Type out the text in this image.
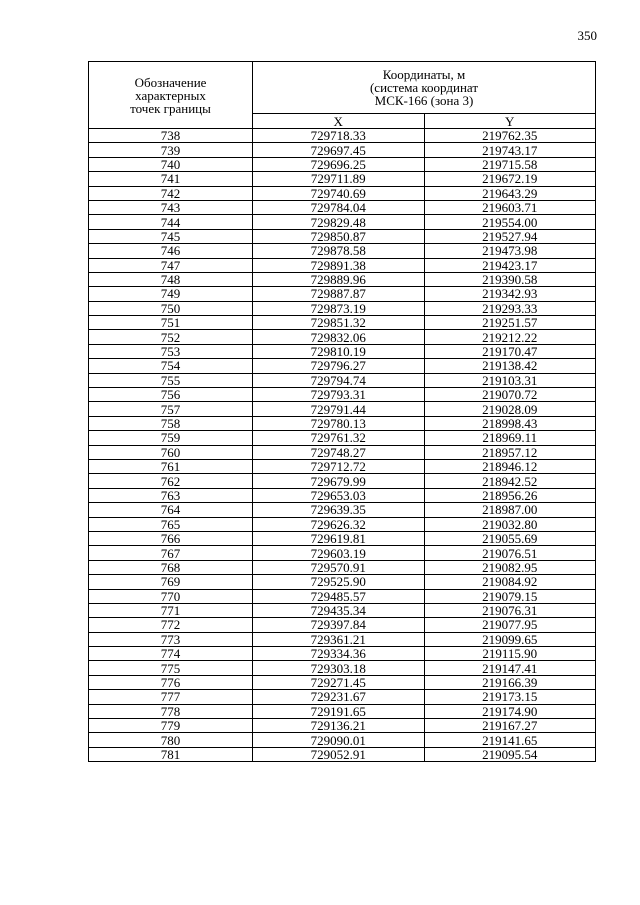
350
Обозначение
характерных
точек границы	Координаты, м
(система координат
МСК-166 (зона 3)	

	X	Y
738	729718.33	219762.35
739	729697.45	219743.17
740	729696.25	219715.58
741	729711.89	219672.19
742	729740.69	219643.29
743	729784.04	219603.71
744	729829.48	219554.00
745	729850.87	219527.94
746	729878.58	219473.98
747	729891.38	219423.17
748	729889.96	219390.58
749	729887.87	219342.93
750	729873.19	219293.33
751	729851.32	219251.57
752	729832.06	219212.22
753	729810.19	219170.47
754	729796.27	219138.42
755	729794.74	219103.31
756	729793.31	219070.72
757	729791.44	219028.09
758	729780.13	218998.43
759	729761.32	218969.11
760	729748.27	218957.12
761	729712.72	218946.12
762	729679.99	218942.52
763	729653.03	218956.26
764	729639.35	218987.00
765	729626.32	219032.80
766	729619.81	219055.69
767	729603.19	219076.51
768	729570.91	219082.95
769	729525.90	219084.92
770	729485.57	219079.15
771	729435.34	219076.31
772	729397.84	219077.95
773	729361.21	219099.65
774	729334.36	219115.90
775	729303.18	219147.41
776	729271.45	219166.39
777	729231.67	219173.15
778	729191.65	219174.90
779	729136.21	219167.27
780	729090.01	219141.65
781	729052.91	219095.54
